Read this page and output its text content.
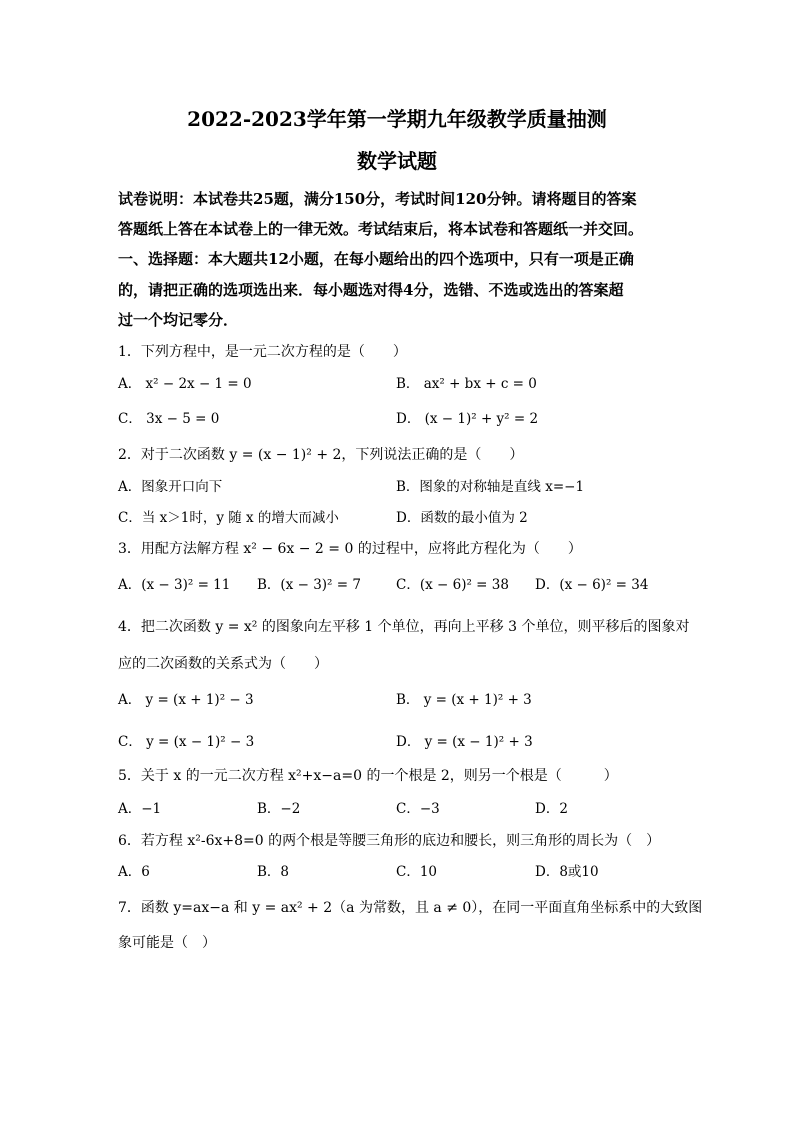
2022-2023学年第一学期九年级教学质量抽测
数学试题
试卷说明：本试卷共25题，满分150分，考试时间120分钟。请将题目的答案
答题纸上答在本试卷上的一律无效。考试结束后，将本试卷和答题纸一并交回。
一、选择题：本大题共12小题，在每小题给出的四个选项中，只有一项是正确
的，请把正确的选项选出来．每小题选对得4分，选错、不选或选出的答案超
过一个均记零分．
1．下列方程中，是一元二次方程的是（　　）
A． x² − 2x − 1 = 0	B． ax² + bx + c = 0
C． 3x − 5 = 0	D． (x − 1)² + y² = 2
2．对于二次函数 y = (x − 1)² + 2，下列说法正确的是（　　）
A．图象开口向下	B．图象的对称轴是直线 x=−1
C．当 x＞1时，y 随 x 的增大而减小	D．函数的最小值为 2
3．用配方法解方程 x² − 6x − 2 = 0 的过程中，应将此方程化为（　　）
A．(x − 3)² = 11 B．(x − 3)² = 7	C．(x − 6)² = 38 D．(x − 6)² = 34
4．把二次函数 y = x² 的图象向左平移 1 个单位，再向上平移 3 个单位，则平移后的图象对
应的二次函数的关系式为（　　）
A． y = (x + 1)² − 3	B． y = (x + 1)² + 3
C． y = (x − 1)² − 3	D． y = (x − 1)² + 3
5．关于 x 的一元二次方程 x²+x−a=0 的一个根是 2，则另一个根是（　　　）
A．−1	B．−2	C．−3	D．2
6．若方程 x²-6x+8=0 的两个根是等腰三角形的底边和腰长，则三角形的周长为（　）
A．6	B．8	C．10	D．8或10
7．函数 y=ax−a 和 y = ax² + 2（a 为常数，且 a ≠ 0），在同一平面直角坐标系中的大致图
象可能是（　）
